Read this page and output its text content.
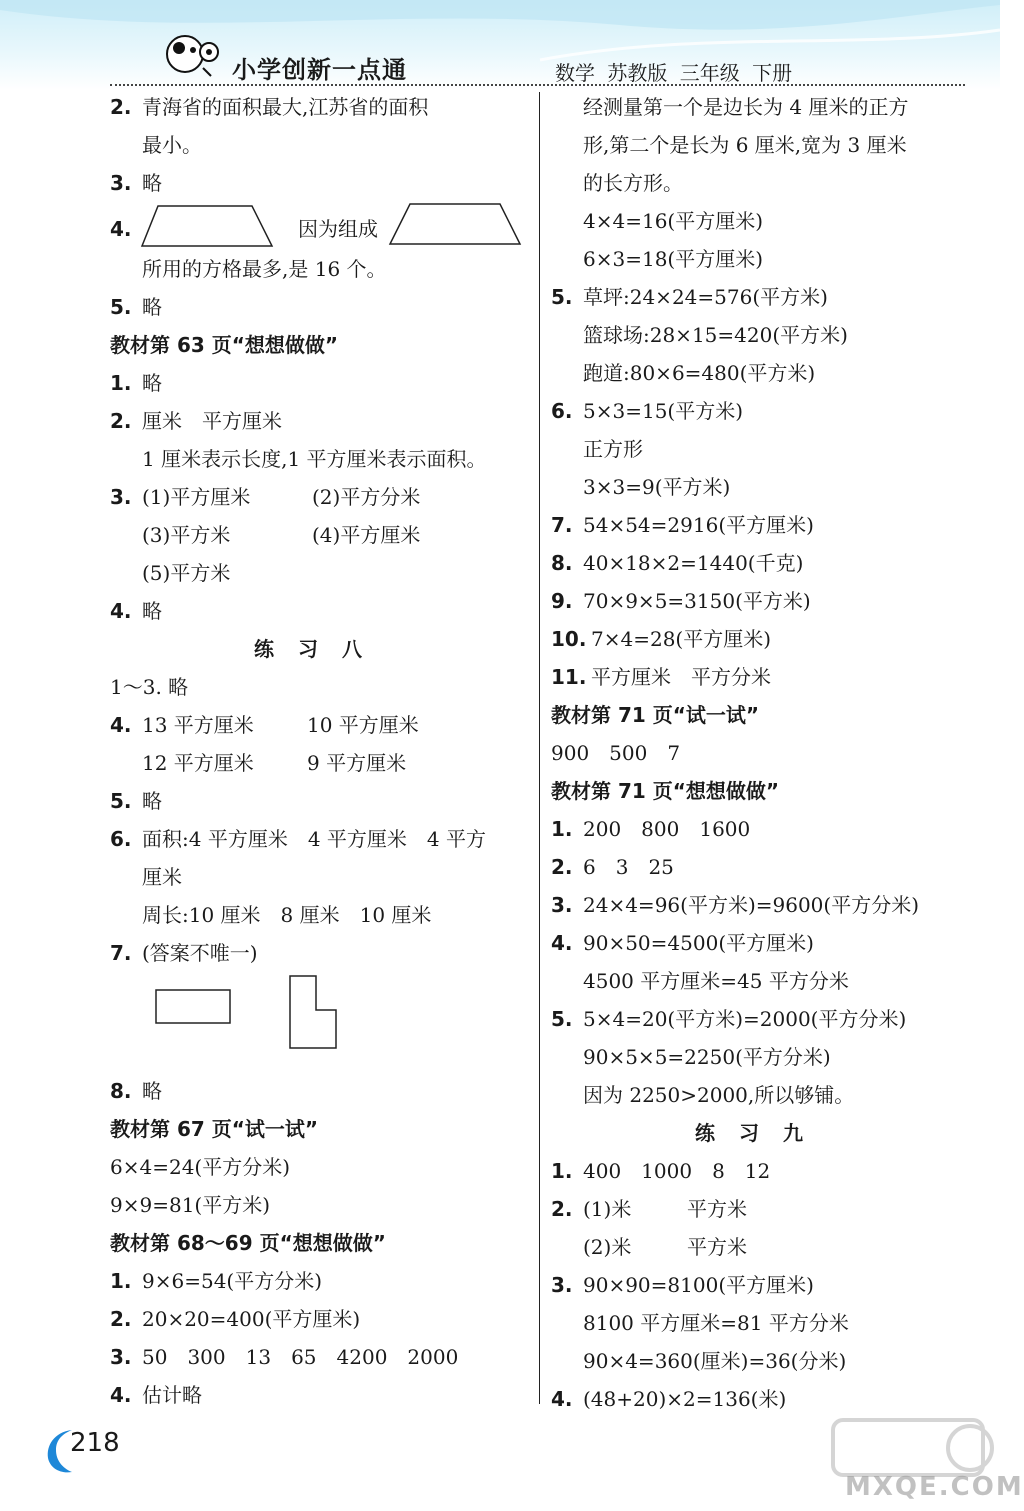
小学创新一点通	数学 苏教版 三年级 下册
2. 青海省的面积最大,江苏省的面积
最小。
3. 略
4.	因为组成
所用的方格最多,是 16 个。
5. 略
教材第 63 页“想想做做”
1. 略
2. 厘米　平方厘米
1 厘米表示长度,1 平方厘米表示面积。
3. (1)平方厘米	(2)平方分米
(3)平方米	(4)平方厘米
(5)平方米
4. 略
练习八
1～3. 略
4. 13 平方厘米	10 平方厘米
12 平方厘米	9 平方厘米
5. 略
6. 面积:4 平方厘米　4 平方厘米　4 平方
厘米
周长:10 厘米　8 厘米　10 厘米
7. (答案不唯一)
8. 略
教材第 67 页“试一试”
6×4=24(平方分米)
9×9=81(平方米)
教材第 68～69 页“想想做做”
1. 9×6=54(平方分米)
2. 20×20=400(平方厘米)
3. 50　300　13　65　4200　2000
4. 估计略
经测量第一个是边长为 4 厘米的正方
形,第二个是长为 6 厘米,宽为 3 厘米
的长方形。
4×4=16(平方厘米)
6×3=18(平方厘米)
5. 草坪:24×24=576(平方米)
篮球场:28×15=420(平方米)
跑道:80×6=480(平方米)
6. 5×3=15(平方米)
正方形
3×3=9(平方米)
7. 54×54=2916(平方厘米)
8. 40×18×2=1440(千克)
9. 70×9×5=3150(平方米)
10. 7×4=28(平方厘米)
11. 平方厘米　平方分米
教材第 71 页“试一试”
900　500　7
教材第 71 页“想想做做”
1. 200　800　1600
2. 6　3　25
3. 24×4=96(平方米)=9600(平方分米)
4. 90×50=4500(平方厘米)
4500 平方厘米=45 平方分米
5. 5×4=20(平方米)=2000(平方分米)
90×5×5=2250(平方分米)
因为 2250>2000,所以够铺。
练习九
1. 400　1000　8　12
2. (1)米	平方米
(2)米	平方米
3. 90×90=8100(平方厘米)
8100 平方厘米=81 平方分米
90×4=360(厘米)=36(分米)
4. (48+20)×2=136(米)
218
MXQE.COM
